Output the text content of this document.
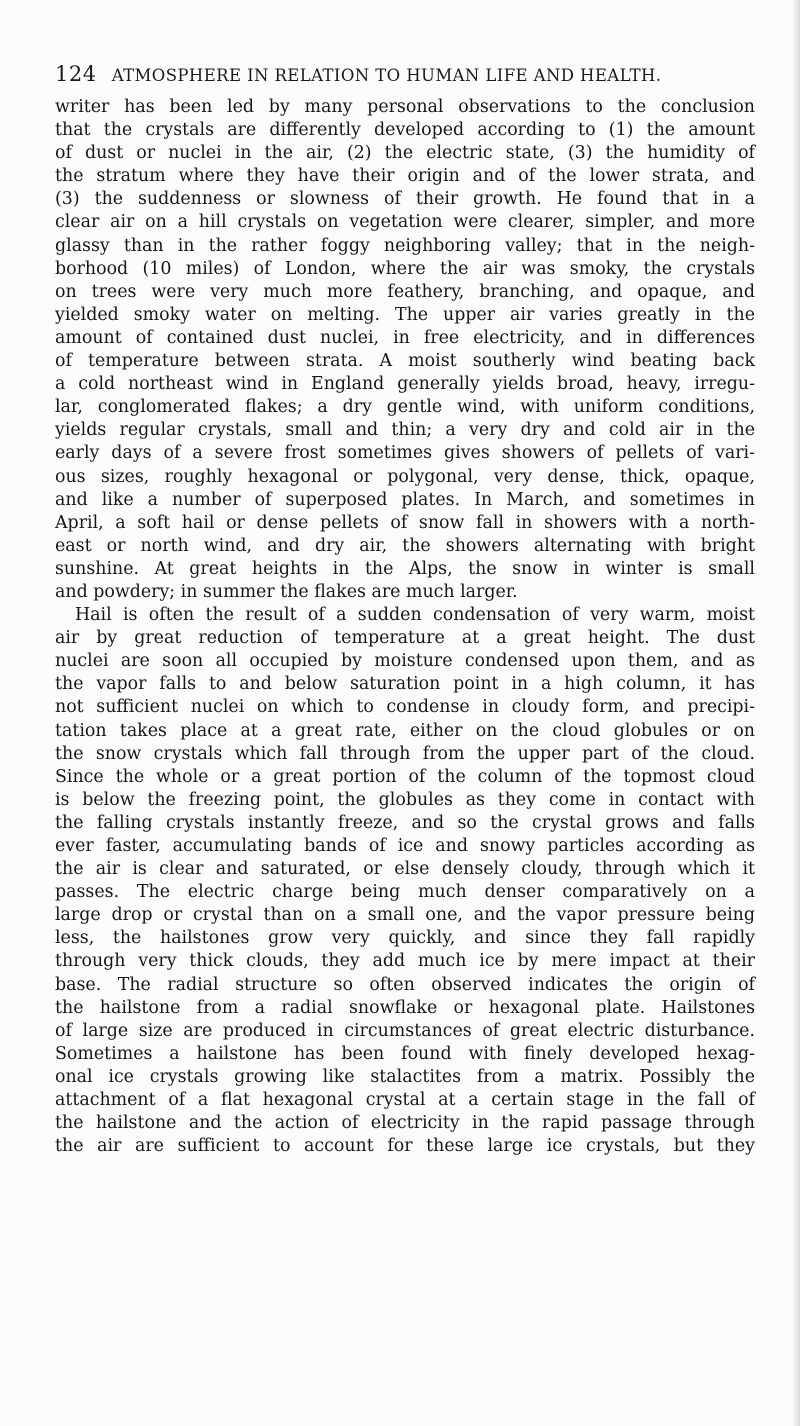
124 ATMOSPHERE IN RELATION TO HUMAN LIFE AND HEALTH.
writer has been led by many personal observations to the conclusion
that the crystals are differently developed according to (1) the amount
of dust or nuclei in the air, (2) the electric state, (3) the humidity of
the stratum where they have their origin and of the lower strata, and
(3) the suddenness or slowness of their growth. He found that in a
clear air on a hill crystals on vegetation were clearer, simpler, and more
glassy than in the rather foggy neighboring valley; that in the neigh-
borhood (10 miles) of London, where the air was smoky, the crystals
on trees were very much more feathery, branching, and opaque, and
yielded smoky water on melting. The upper air varies greatly in the
amount of contained dust nuclei, in free electricity, and in differences
of temperature between strata. A moist southerly wind beating back
a cold northeast wind in England generally yields broad, heavy, irregu-
lar, conglomerated flakes; a dry gentle wind, with uniform conditions,
yields regular crystals, small and thin; a very dry and cold air in the
early days of a severe frost sometimes gives showers of pellets of vari-
ous sizes, roughly hexagonal or polygonal, very dense, thick, opaque,
and like a number of superposed plates. In March, and sometimes in
April, a soft hail or dense pellets of snow fall in showers with a north-
east or north wind, and dry air, the showers alternating with bright
sunshine. At great heights in the Alps, the snow in winter is small
and powdery; in summer the flakes are much larger.
Hail is often the result of a sudden condensation of very warm, moist
air by great reduction of temperature at a great height. The dust
nuclei are soon all occupied by moisture condensed upon them, and as
the vapor falls to and below saturation point in a high column, it has
not sufficient nuclei on which to condense in cloudy form, and precipi-
tation takes place at a great rate, either on the cloud globules or on
the snow crystals which fall through from the upper part of the cloud.
Since the whole or a great portion of the column of the topmost cloud
is below the freezing point, the globules as they come in contact with
the falling crystals instantly freeze, and so the crystal grows and falls
ever faster, accumulating bands of ice and snowy particles according as
the air is clear and saturated, or else densely cloudy, through which it
passes. The electric charge being much denser comparatively on a
large drop or crystal than on a small one, and the vapor pressure being
less, the hailstones grow very quickly, and since they fall rapidly
through very thick clouds, they add much ice by mere impact at their
base. The radial structure so often observed indicates the origin of
the hailstone from a radial snowflake or hexagonal plate. Hailstones
of large size are produced in circumstances of great electric disturbance.
Sometimes a hailstone has been found with finely developed hexag-
onal ice crystals growing like stalactites from a matrix. Possibly the
attachment of a flat hexagonal crystal at a certain stage in the fall of
the hailstone and the action of electricity in the rapid passage through
the air are sufficient to account for these large ice crystals, but they
